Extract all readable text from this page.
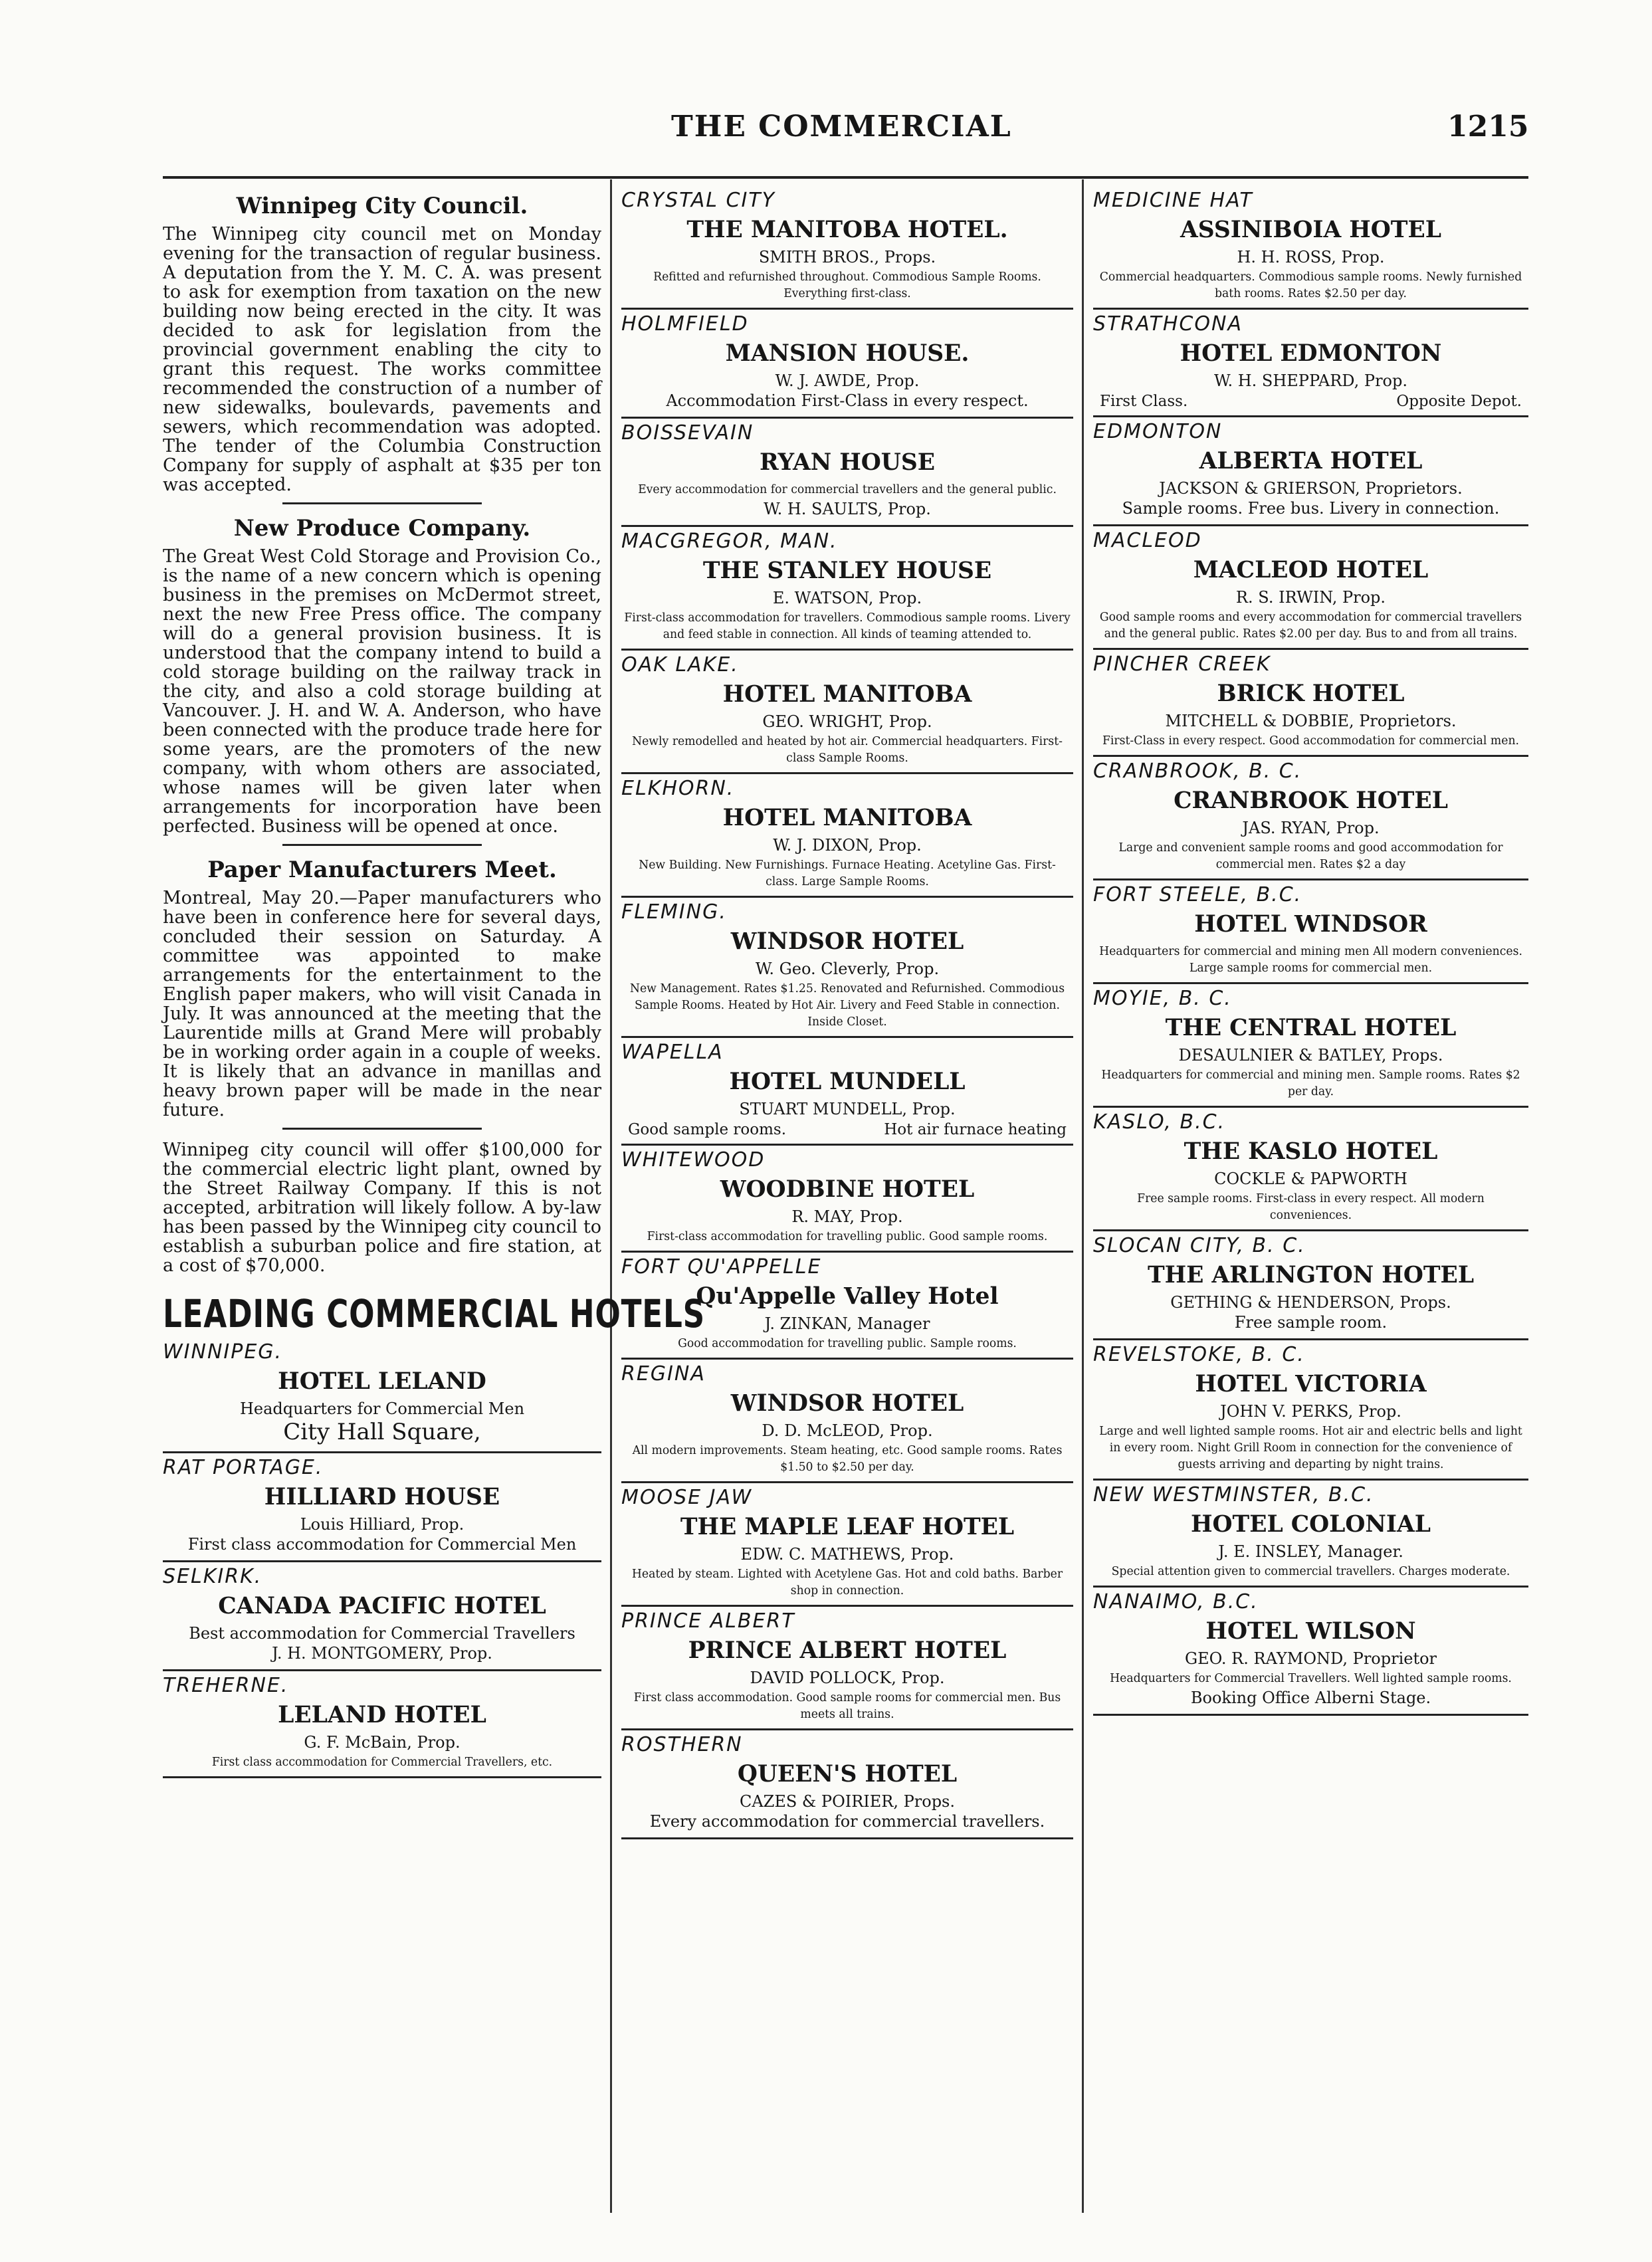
THE COMMERCIAL	1215
Winnipeg City Council.

The Winnipeg city council met on Monday evening for the transaction of regular business. A deputation from the Y. M. C. A. was present to ask for exemption from taxation on the new building now being erected in the city. It was decided to ask for legislation from the provincial government enabling the city to grant this request. The works committee recommended the construction of a number of new sidewalks, boulevards, pavements and sewers, which recommendation was adopted. The tender of the Columbia Construction Company for supply of asphalt at $35 per ton was accepted.

New Produce Company.

The Great West Cold Storage and Provision Co., is the name of a new concern which is opening business in the premises on McDermot street, next the new Free Press office. The company will do a general provision business. It is understood that the company intend to build a cold storage building on the railway track in the city, and also a cold storage building at Vancouver. J. H. and W. A. Anderson, who have been connected with the produce trade here for some years, are the promoters of the new company, with whom others are associated, whose names will be given later when arrangements for incorporation have been perfected. Business will be opened at once.

Paper Manufacturers Meet.

Montreal, May 20.—Paper manufacturers who have been in conference here for several days, concluded their session on Saturday. A committee was appointed to make arrangements for the entertainment to the English paper makers, who will visit Canada in July. It was announced at the meeting that the Laurentide mills at Grand Mere will probably be in working order again in a couple of weeks. It is likely that an advance in manillas and heavy brown paper will be made in the near future.

Winnipeg city council will offer $100,000 for the commercial electric light plant, owned by the Street Railway Company. If this is not accepted, arbitration will likely follow. A by-law has been passed by the Winnipeg city council to establish a suburban police and fire station, at a cost of $70,000.

LEADING COMMERCIAL HOTELS
WINNIPEG.
HOTEL LELAND
Headquarters for Commercial Men
City Hall Square,
RAT PORTAGE.
HILLIARD HOUSE
Louis Hilliard, Prop.
First class accommodation for Commercial Men
SELKIRK.
CANADA PACIFIC HOTEL
Best accommodation for Commercial Travellers
J. H. MONTGOMERY, Prop.
TREHERNE.
LELAND HOTEL
G. F. McBain, Prop.
First class accommodation for Commercial Travellers, etc.
CRYSTAL CITY
THE MANITOBA HOTEL.
SMITH BROS., Props.
Refitted and refurnished throughout. Commodious Sample Rooms. Everything first-class.
HOLMFIELD
MANSION HOUSE.
W. J. AWDE, Prop.
Accommodation First-Class in every respect.
BOISSEVAIN
RYAN HOUSE
Every accommodation for commercial travellers and the general public.
W. H. SAULTS, Prop.
MACGREGOR, MAN.
THE STANLEY HOUSE
E. WATSON, Prop.
First-class accommodation for travellers. Commodious sample rooms. Livery and feed stable in connection. All kinds of teaming attended to.
OAK LAKE.
HOTEL MANITOBA
GEO. WRIGHT, Prop.
Newly remodelled and heated by hot air. Commercial headquarters. First-class Sample Rooms.
ELKHORN.
HOTEL MANITOBA
W. J. DIXON, Prop.
New Building. New Furnishings. Furnace Heating. Acetyline Gas. First-class. Large Sample Rooms.
FLEMING.
WINDSOR HOTEL
W. Geo. Cleverly, Prop.
New Management. Rates $1.25. Renovated and Refurnished. Commodious Sample Rooms. Heated by Hot Air. Livery and Feed Stable in connection. Inside Closet.
WAPELLA
HOTEL MUNDELL
STUART MUNDELL, Prop.
Good sample rooms.	Hot air furnace heating
WHITEWOOD
WOODBINE HOTEL
R. MAY, Prop.
First-class accommodation for travelling public. Good sample rooms.
FORT QU'APPELLE
Qu'Appelle Valley Hotel
J. ZINKAN, Manager
Good accommodation for travelling public. Sample rooms.
REGINA
WINDSOR HOTEL
D. D. McLEOD, Prop.
All modern improvements. Steam heating, etc. Good sample rooms. Rates $1.50 to $2.50 per day.
MOOSE JAW
THE MAPLE LEAF HOTEL
EDW. C. MATHEWS, Prop.
Heated by steam. Lighted with Acetylene Gas. Hot and cold baths. Barber shop in connection.
PRINCE ALBERT
PRINCE ALBERT HOTEL
DAVID POLLOCK, Prop.
First class accommodation. Good sample rooms for commercial men. Bus meets all trains.
ROSTHERN
QUEEN'S HOTEL
CAZES & POIRIER, Props.
Every accommodation for commercial travellers.
MEDICINE HAT
ASSINIBOIA HOTEL
H. H. ROSS, Prop.
Commercial headquarters. Commodious sample rooms. Newly furnished bath rooms. Rates $2.50 per day.
STRATHCONA
HOTEL EDMONTON
W. H. SHEPPARD, Prop.
First Class.	Opposite Depot.
EDMONTON
ALBERTA HOTEL
JACKSON & GRIERSON, Proprietors.
Sample rooms. Free bus. Livery in connection.
MACLEOD
MACLEOD HOTEL
R. S. IRWIN, Prop.
Good sample rooms and every accommodation for commercial travellers and the general public. Rates $2.00 per day. Bus to and from all trains.
PINCHER CREEK
BRICK HOTEL
MITCHELL & DOBBIE, Proprietors.
First-Class in every respect. Good accommodation for commercial men.
CRANBROOK, B. C.
CRANBROOK HOTEL
JAS. RYAN, Prop.
Large and convenient sample rooms and good accommodation for commercial men. Rates $2 a day
FORT STEELE, B.C.
HOTEL WINDSOR
Headquarters for commercial and mining men All modern conveniences. Large sample rooms for commercial men.
MOYIE, B. C.
THE CENTRAL HOTEL
DESAULNIER & BATLEY, Props.
Headquarters for commercial and mining men. Sample rooms. Rates $2 per day.
KASLO, B.C.
THE KASLO HOTEL
COCKLE & PAPWORTH
Free sample rooms. First-class in every respect. All modern conveniences.
SLOCAN CITY, B. C.
THE ARLINGTON HOTEL
GETHING & HENDERSON, Props.
Free sample room.
REVELSTOKE, B. C.
HOTEL VICTORIA
JOHN V. PERKS, Prop.
Large and well lighted sample rooms. Hot air and electric bells and light in every room. Night Grill Room in connection for the convenience of guests arriving and departing by night trains.
NEW WESTMINSTER, B.C.
HOTEL COLONIAL
J. E. INSLEY, Manager.
Special attention given to commercial travellers. Charges moderate.
NANAIMO, B.C.
HOTEL WILSON
GEO. R. RAYMOND, Proprietor
Headquarters for Commercial Travellers. Well lighted sample rooms.
Booking Office Alberni Stage.
